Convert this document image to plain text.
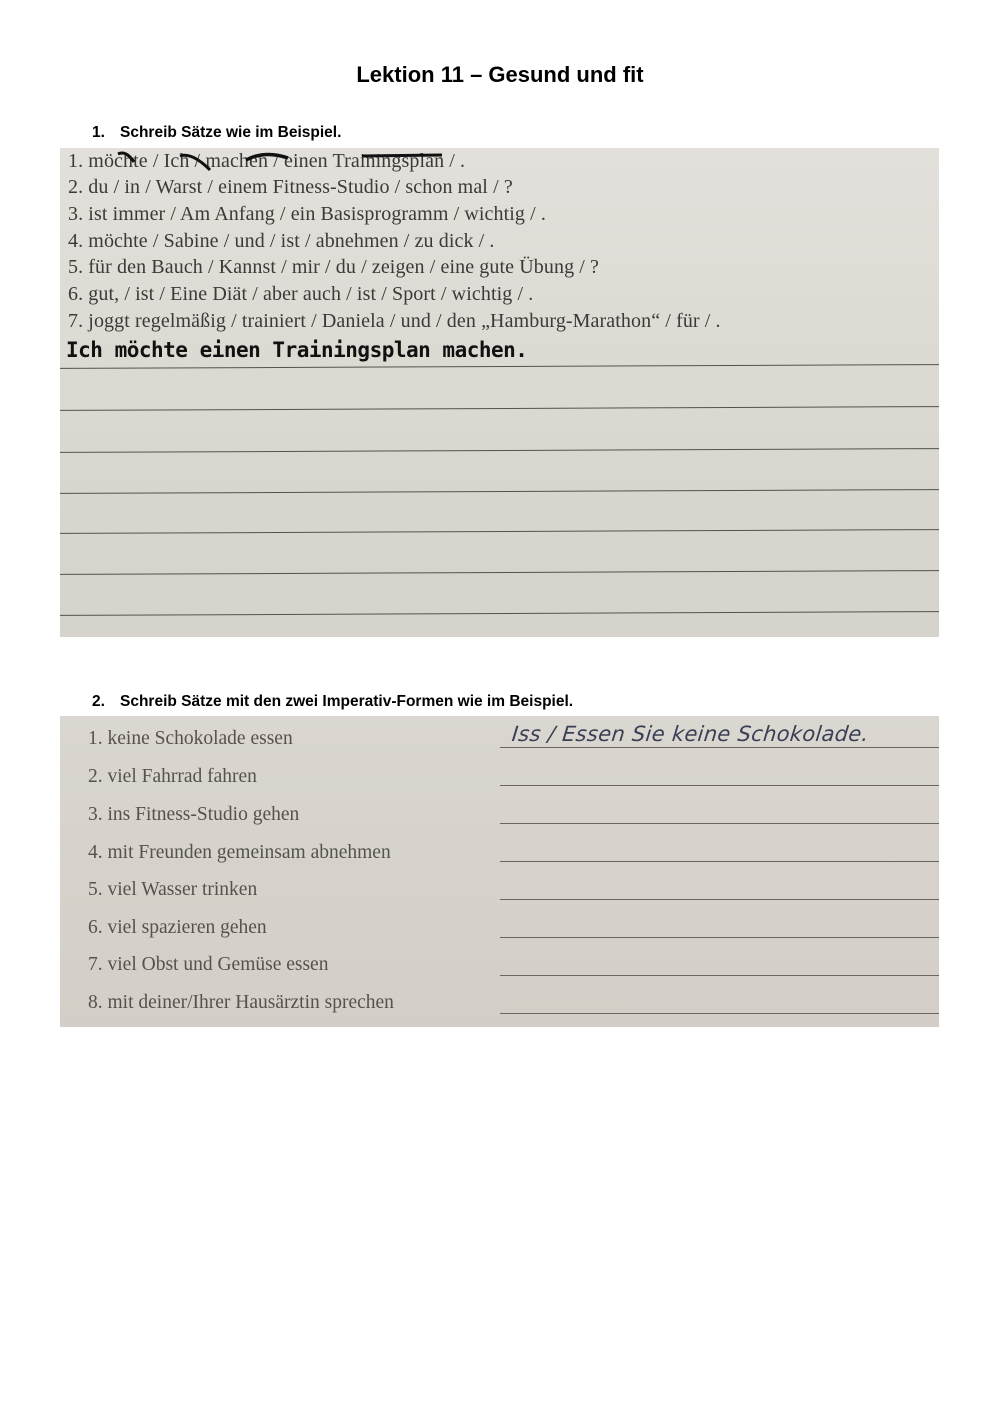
Lektion 11 – Gesund und fit
1. Schreib Sätze wie im Beispiel.
1. möchte / Ich / machen / einen Trainingsplan / .
2. du / in / Warst / einem Fitness-Studio / schon mal / ?
3. ist immer / Am Anfang / ein Basisprogramm / wichtig / .
4. möchte / Sabine / und / ist / abnehmen / zu dick / .
5. für den Bauch / Kannst / mir / du / zeigen / eine gute Übung / ?
6. gut, / ist / Eine Diät / aber auch / ist / Sport / wichtig / .
7. joggt regelmäßig / trainiert / Daniela / und / den „Hamburg-Marathon“ / für / .
Ich möchte einen Trainingsplan machen.
2. Schreib Sätze mit den zwei Imperativ-Formen wie im Beispiel.
1. keine Schokolade essen
2. viel Fahrrad fahren
3. ins Fitness-Studio gehen
4. mit Freunden gemeinsam abnehmen
5. viel Wasser trinken
6. viel spazieren gehen
7. viel Obst und Gemüse essen
8. mit deiner/Ihrer Hausärztin sprechen
Iss / Essen Sie keine Schokolade.
